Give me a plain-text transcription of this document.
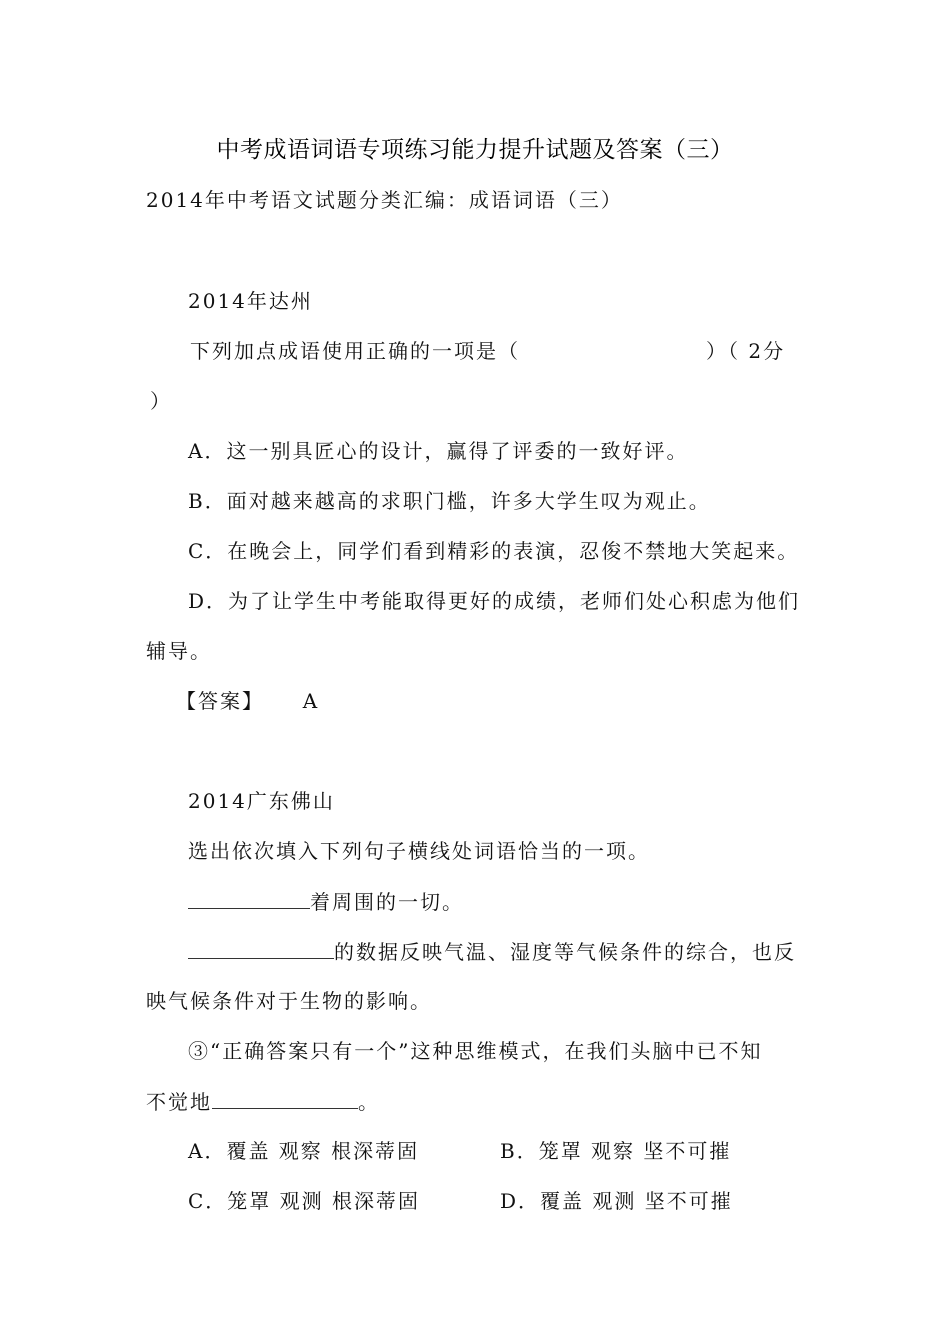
中考成语词语专项练习能力提升试题及答案（三）
2014年中考语文试题分类汇编：成语词语（三）
2014年达州
下列加点成语使用正确的一项是（	）（ 2分
）
A．这一别具匠心的设计，赢得了评委的一致好评。
B．面对越来越高的求职门槛，许多大学生叹为观止。
C．在晚会上，同学们看到精彩的表演，忍俊不禁地大笑起来。
D．为了让学生中考能取得更好的成绩，老师们处心积虑为他们
辅导。
【答案】 A
2014广东佛山
选出依次填入下列句子横线处词语恰当的一项。
着周围的一切。
的数据反映气温、湿度等气候条件的综合，也反
映气候条件对于生物的影响。
③“正确答案只有一个”这种思维模式，在我们头脑中已不知
不觉地	。
A．覆盖 观察 根深蒂固	B．笼罩 观察 坚不可摧
C．笼罩 观测 根深蒂固	D．覆盖 观测 坚不可摧
